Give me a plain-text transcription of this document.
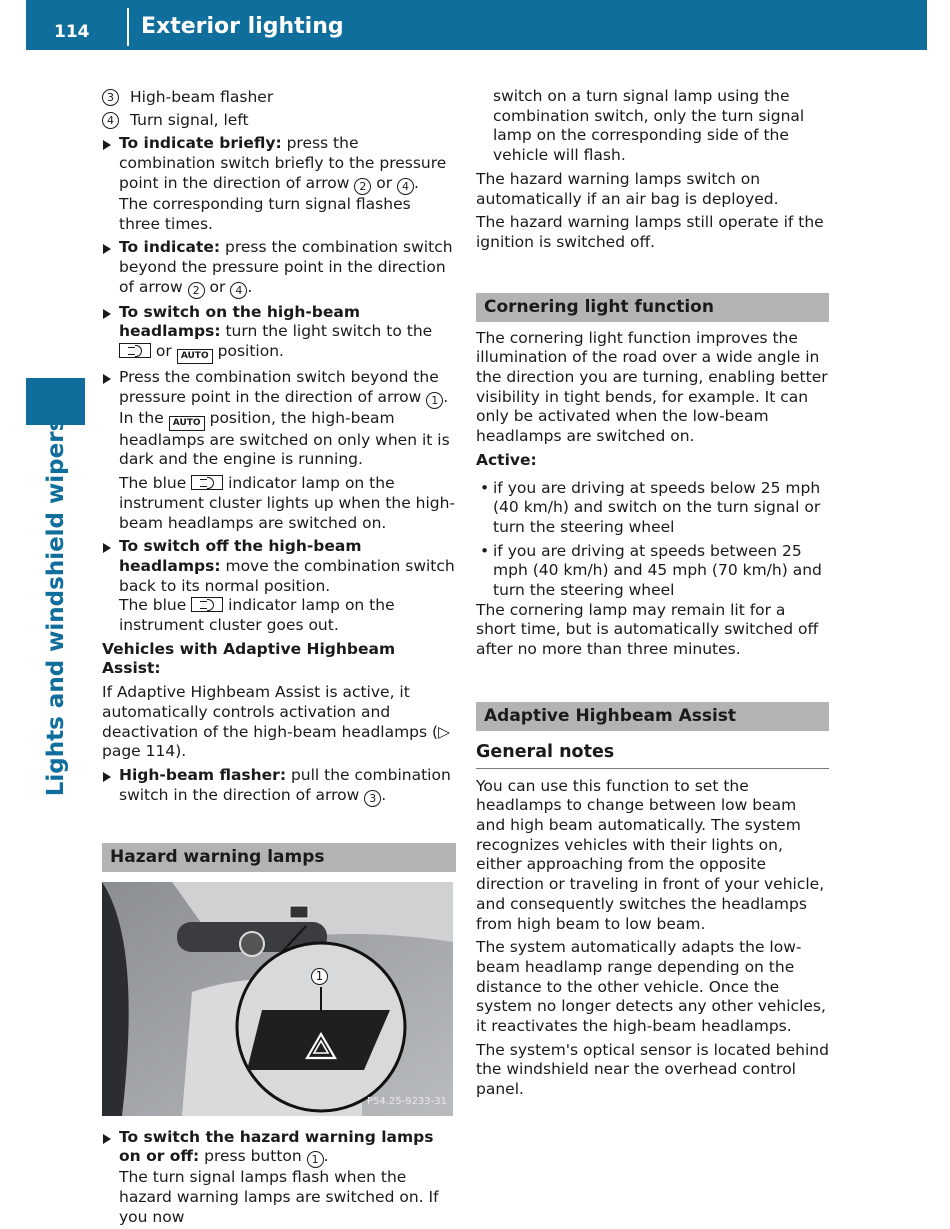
114 Exterior lighting
Lights and windshield wipers
3	High-beam flasher
4	Turn signal, left
To indicate briefly: press the combination switch briefly to the pressure point in the direction of arrow 2 or 4 .
The corresponding turn signal flashes three times.
To indicate: press the combination switch beyond the pressure point in the direction of arrow 2 or 4 .
To switch on the high-beam headlamps: turn the light switch to the
or AUTO position.
Press the combination switch beyond the pressure point in the direction of arrow 1 .
In the AUTO position, the high-beam headlamps are switched on only when it is dark and the engine is running.
The blue
indicator lamp on the instrument cluster lights up when the high-beam headlamps are switched on.
To switch off the high-beam headlamps: move the combination switch back to its normal position.
The blue
indicator lamp on the instrument cluster goes out.
Vehicles with Adaptive Highbeam Assist:
If Adaptive Highbeam Assist is active, it automatically controls activation and deactivation of the high-beam headlamps (▷ page 114).
High-beam flasher: pull the combination switch in the direction of arrow 3 .
Hazard warning lamps
1
P54.25-9233-31
To switch the hazard warning lamps on or off: press button 1 .
The turn signal lamps flash when the hazard warning lamps are switched on. If you now
switch on a turn signal lamp using the combination switch, only the turn signal lamp on the corresponding side of the vehicle will flash.
The hazard warning lamps switch on automatically if an air bag is deployed.
The hazard warning lamps still operate if the ignition is switched off.
Cornering light function
The cornering light function improves the illumination of the road over a wide angle in the direction you are turning, enabling better visibility in tight bends, for example. It can only be activated when the low-beam headlamps are switched on.
Active:
• if you are driving at speeds below 25 mph (40 km/h) and switch on the turn signal or turn the steering wheel
• if you are driving at speeds between 25 mph (40 km/h) and 45 mph (70 km/h) and turn the steering wheel
The cornering lamp may remain lit for a short time, but is automatically switched off after no more than three minutes.
Adaptive Highbeam Assist
General notes
You can use this function to set the headlamps to change between low beam and high beam automatically. The system recognizes vehicles with their lights on, either approaching from the opposite direction or traveling in front of your vehicle, and consequently switches the headlamps from high beam to low beam.
The system automatically adapts the low-beam headlamp range depending on the distance to the other vehicle. Once the system no longer detects any other vehicles, it reactivates the high-beam headlamps.
The system's optical sensor is located behind the windshield near the overhead control panel.
